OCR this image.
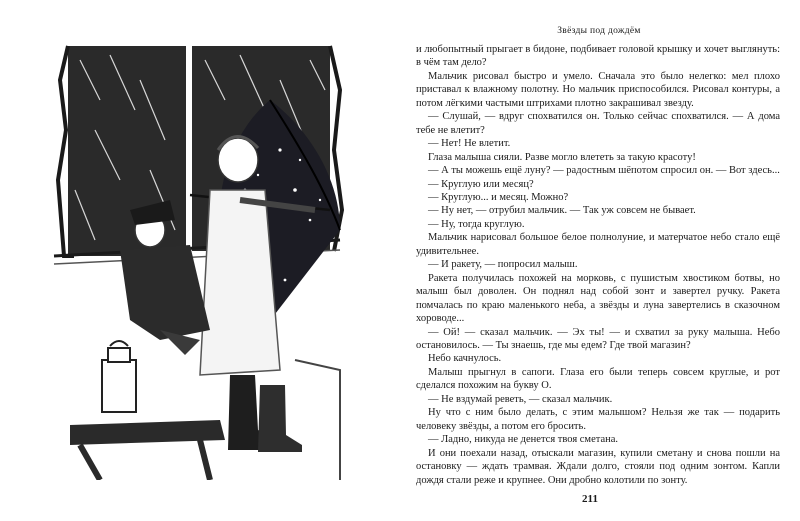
Звёзды под дождём

и любопытный прыгает в бидоне, подбивает головой крышку и хочет выглянуть: в чём там дело?

Мальчик рисовал быстро и умело. Сначала это было нелегко: мел плохо приставал к влажному полотну. Но мальчик приспособился. Рисовал контуры, а потом лёгкими частыми штрихами плотно закрашивал звезду.

— Слушай, — вдруг спохватился он. Только сейчас спохватился. — А дома тебе не влетит?

— Нет! Не влетит.

Глаза малыша сияли. Разве могло влететь за такую красоту!

— А ты можешь ещё луну? — радостным шёпотом спросил он. — Вот здесь...

— Круглую или месяц?

— Круглую... и месяц. Можно?

— Ну нет, — отрубил мальчик. — Так уж совсем не бывает.

— Ну, тогда круглую.

Мальчик нарисовал большое белое полнолуние, и матерчатое небо стало ещё удивительнее.

— И ракету, — попросил малыш.

Ракета получилась похожей на морковь, с пушистым хвостиком ботвы, но малыш был доволен. Он поднял над собой зонт и завертел ручку. Ракета помчалась по краю маленького неба, а звёзды и луна завертелись в сказочном хороводе...

— Ой! — сказал мальчик. — Эх ты! — и схватил за руку малыша. Небо остановилось. — Ты знаешь, где мы едем? Где твой магазин?

Небо качнулось.

Малыш прыгнул в сапоги. Глаза его были теперь совсем круглые, и рот сделался похожим на букву О.

— Не вздумай реветь, — сказал мальчик.

Ну что с ним было делать, с этим малышом? Нельзя же так — подарить человеку звёзды, а потом его бросить.

— Ладно, никуда не денется твоя сметана.

И они поехали назад, отыскали магазин, купили сметану и снова пошли на остановку — ждать трамвая. Ждали долго, стояли под одним зонтом. Капли дождя стали реже и крупнее. Они дробно колотили по зонту.

211
